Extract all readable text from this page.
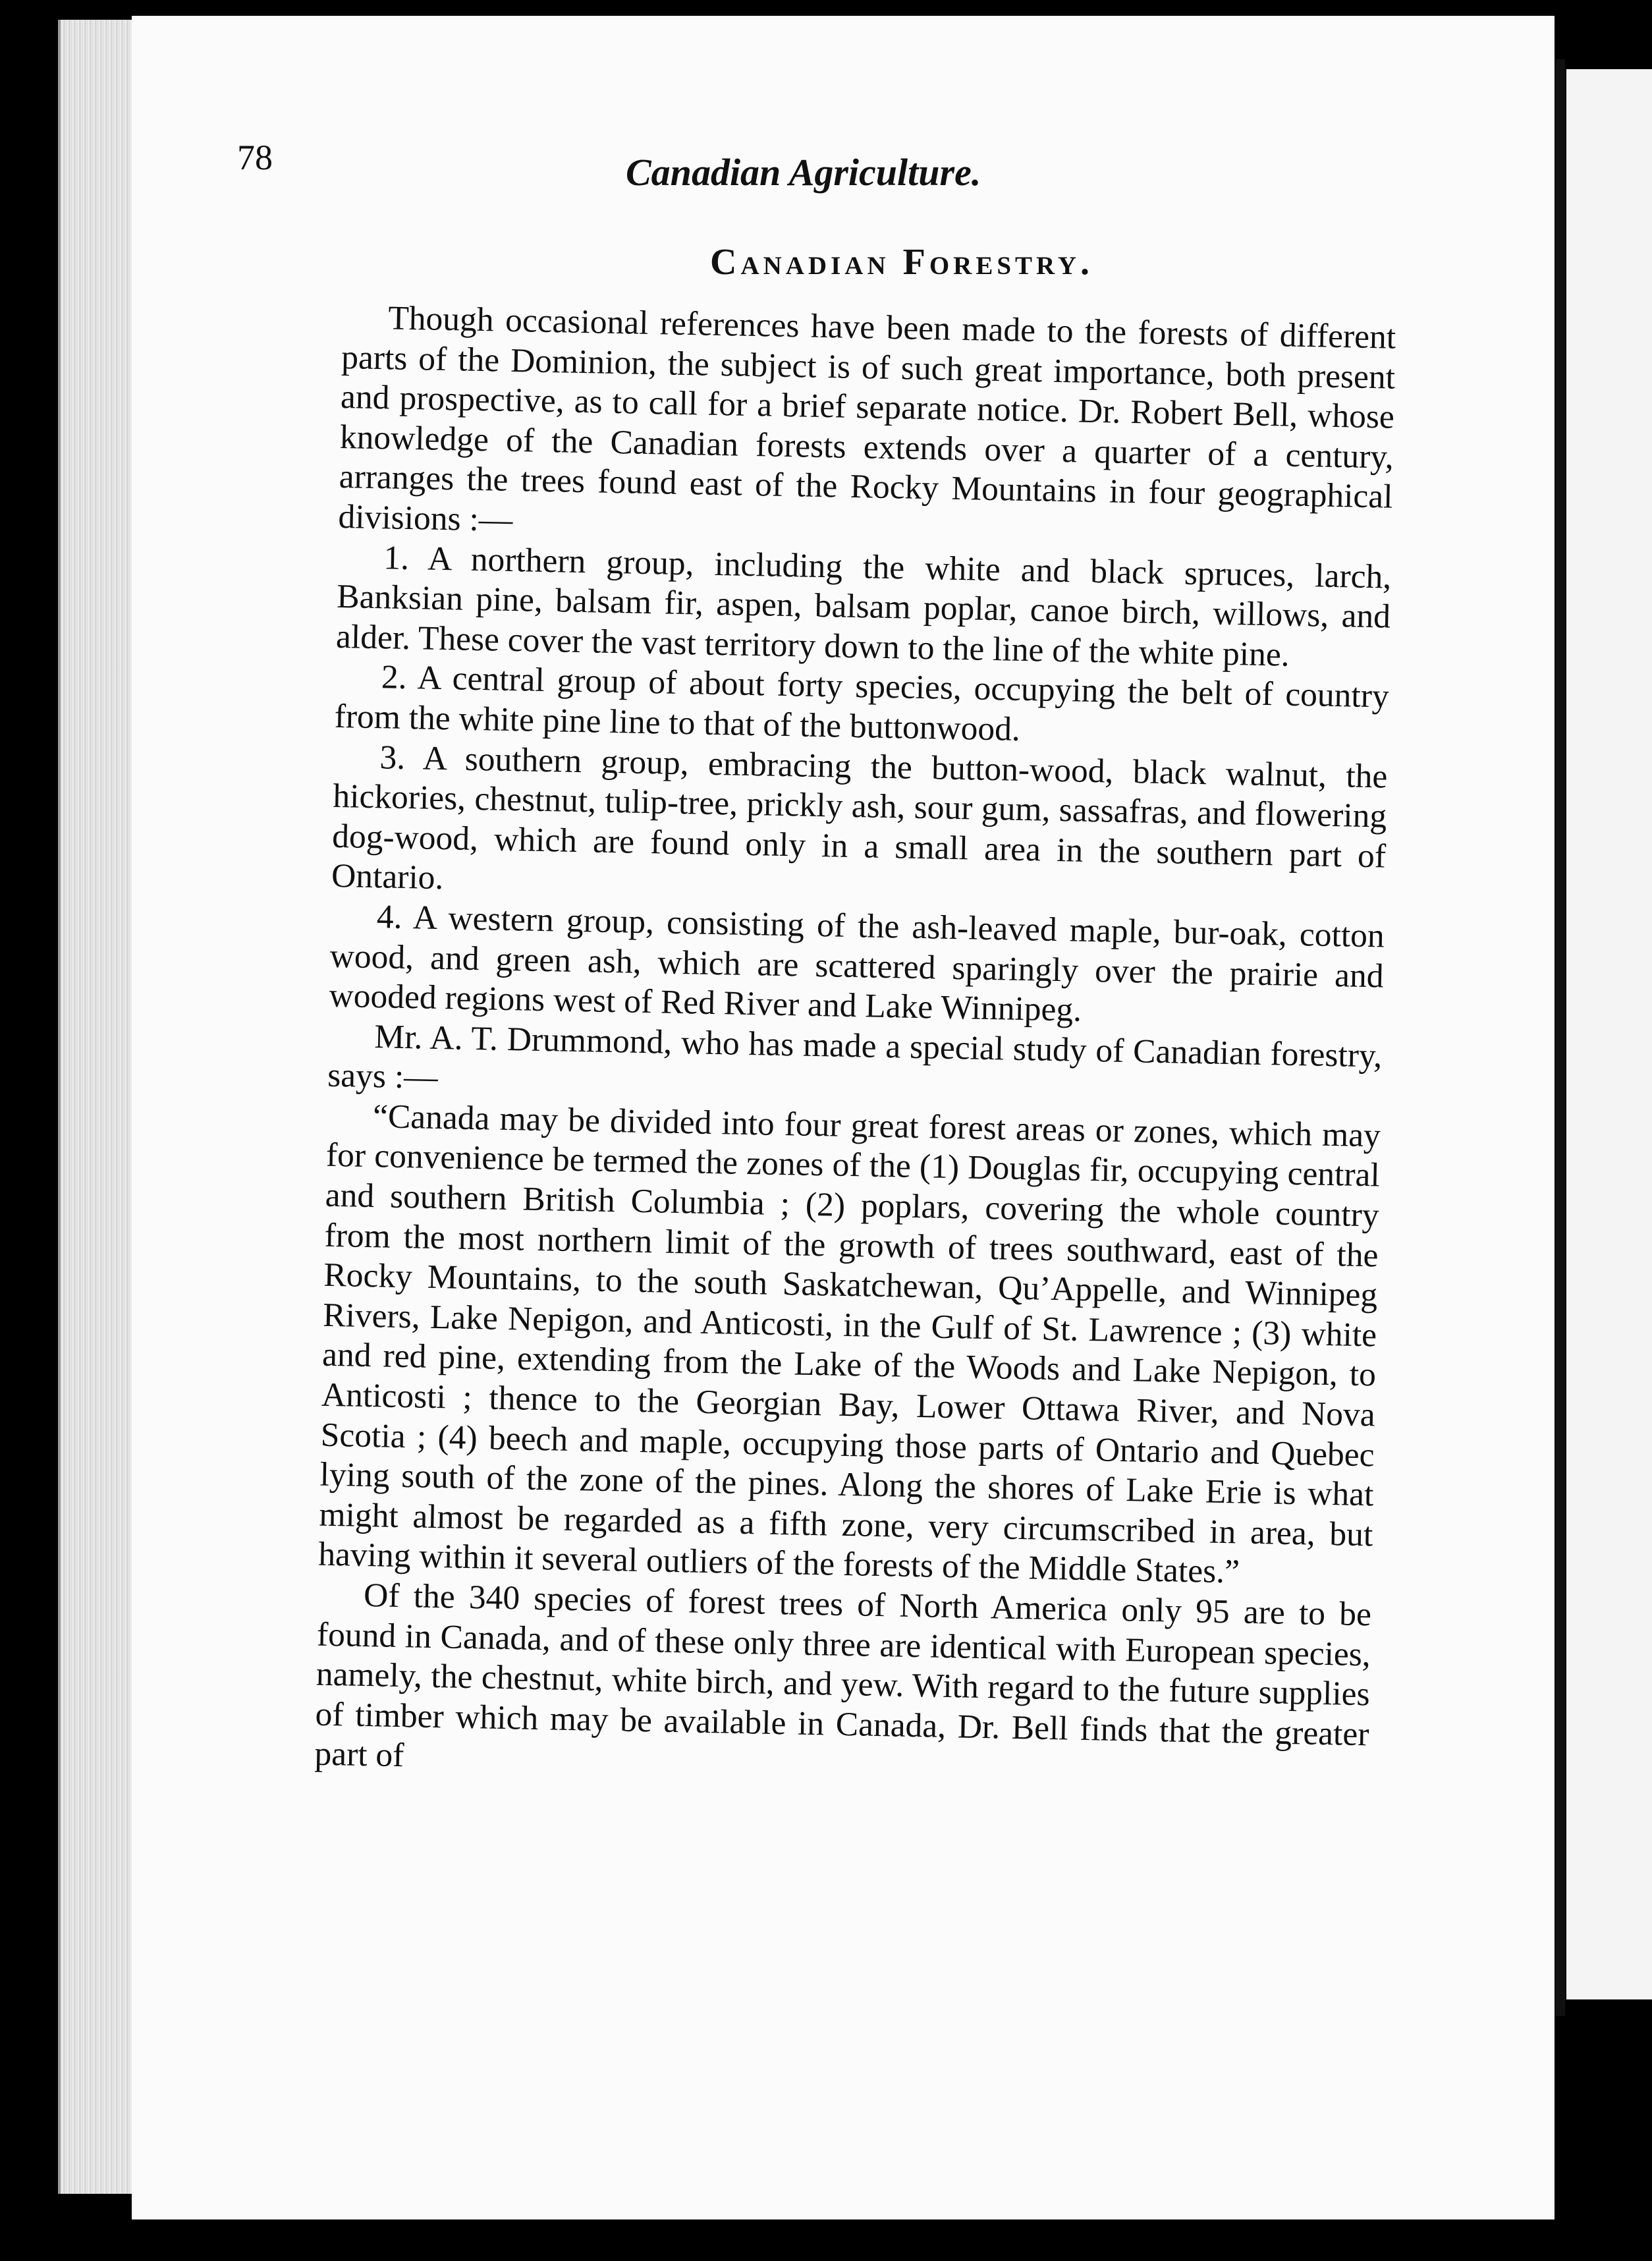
78	Canadian Agriculture.
Canadian Forestry.

Though occasional references have been made to the forests of different parts of the Dominion, the subject is of such great importance, both present and prospective, as to call for a brief separate notice. Dr. Robert Bell, whose knowledge of the Canadian forests extends over a quarter of a century, arranges the trees found east of the Rocky Mountains in four geographical divisions :—

1. A northern group, including the white and black spruces, larch, Banksian pine, balsam fir, aspen, balsam poplar, canoe birch, willows, and alder. These cover the vast territory down to the line of the white pine.

2. A central group of about forty species, occupying the belt of country from the white pine line to that of the buttonwood.

3. A southern group, embracing the button-wood, black walnut, the hickories, chestnut, tulip-tree, prickly ash, sour gum, sassafras, and flowering dog-wood, which are found only in a small area in the southern part of Ontario.

4. A western group, consisting of the ash-leaved maple, bur-oak, cotton wood, and green ash, which are scattered sparingly over the prairie and wooded regions west of Red River and Lake Winnipeg.

Mr. A. T. Drummond, who has made a special study of Canadian forestry, says :—

“Canada may be divided into four great forest areas or zones, which may for convenience be termed the zones of the (1) Douglas fir, occupying central and southern British Columbia ; (2) poplars, covering the whole country from the most northern limit of the growth of trees southward, east of the Rocky Mountains, to the south Saskatchewan, Qu’Appelle, and Winnipeg Rivers, Lake Nepigon, and Anticosti, in the Gulf of St. Lawrence ; (3) white and red pine, extending from the Lake of the Woods and Lake Nepigon, to Anticosti ; thence to the Georgian Bay, Lower Ottawa River, and Nova Scotia ; (4) beech and maple, occupying those parts of Ontario and Quebec lying south of the zone of the pines. Along the shores of Lake Erie is what might almost be regarded as a fifth zone, very circumscribed in area, but having within it several outliers of the forests of the Middle States.”

Of the 340 species of forest trees of North America only 95 are to be found in Canada, and of these only three are identical with European species, namely, the chestnut, white birch, and yew. With regard to the future supplies of timber which may be available in Canada, Dr. Bell finds that the greater part of
